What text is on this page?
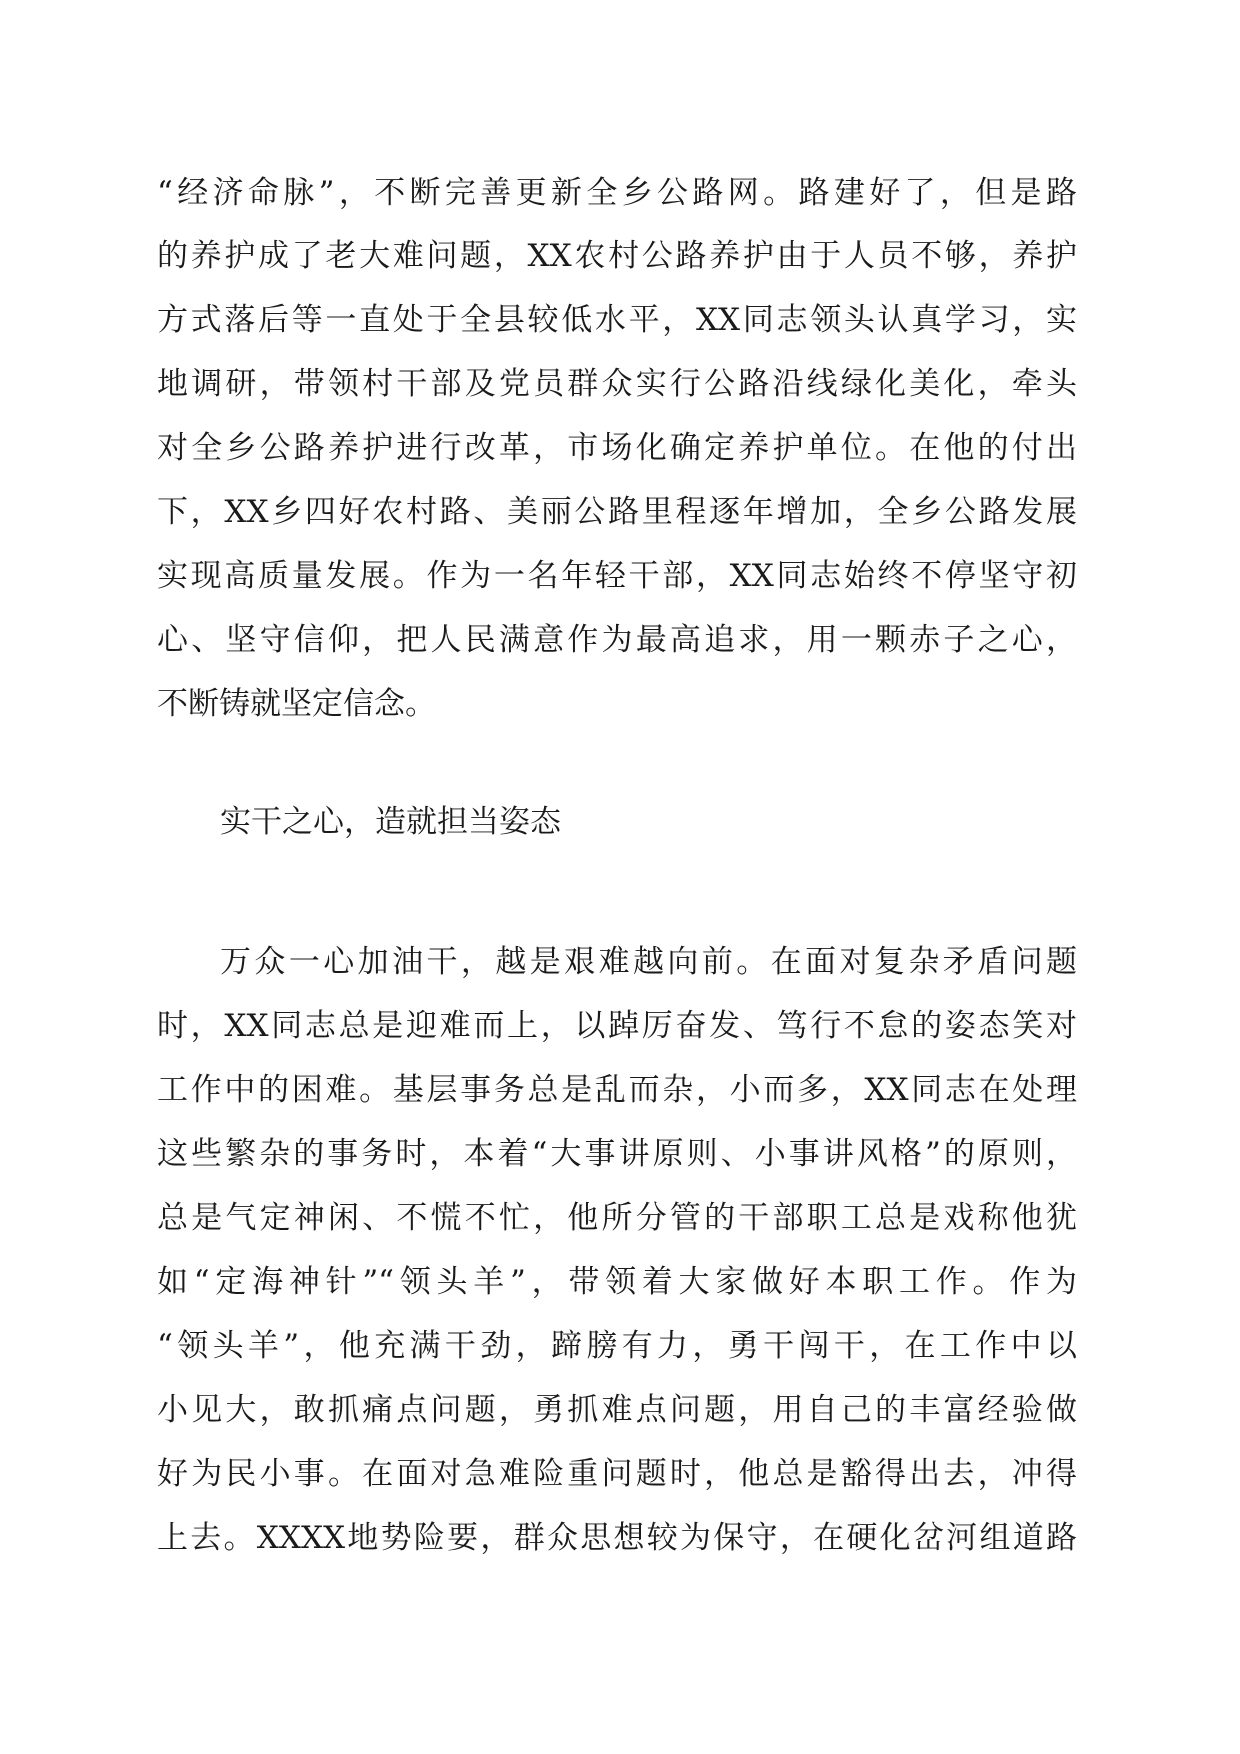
“经济命脉”，不断完善更新全乡公路网。路建好了，但是路
的养护成了老大难问题，XX农村公路养护由于人员不够，养护
方式落后等一直处于全县较低水平，XX同志领头认真学习，实
地调研，带领村干部及党员群众实行公路沿线绿化美化，牵头
对全乡公路养护进行改革，市场化确定养护单位。在他的付出
下，XX乡四好农村路、美丽公路里程逐年增加，全乡公路发展
实现高质量发展。作为一名年轻干部，XX同志始终不停坚守初
心、坚守信仰，把人民满意作为最高追求，用一颗赤子之心，
不断铸就坚定信念。
实干之心，造就担当姿态
万众一心加油干，越是艰难越向前。在面对复杂矛盾问题
时，XX同志总是迎难而上，以踔厉奋发、笃行不怠的姿态笑对
工作中的困难。基层事务总是乱而杂，小而多，XX同志在处理
这些繁杂的事务时，本着“大事讲原则、小事讲风格”的原则，
总是气定神闲、不慌不忙，他所分管的干部职工总是戏称他犹
如“定海神针”“领头羊”，带领着大家做好本职工作。作为
“领头羊”，他充满干劲，蹄膀有力，勇干闯干，在工作中以
小见大，敢抓痛点问题，勇抓难点问题，用自己的丰富经验做
好为民小事。在面对急难险重问题时，他总是豁得出去，冲得
上去。XXXX地势险要，群众思想较为保守，在硬化岔河组道路
